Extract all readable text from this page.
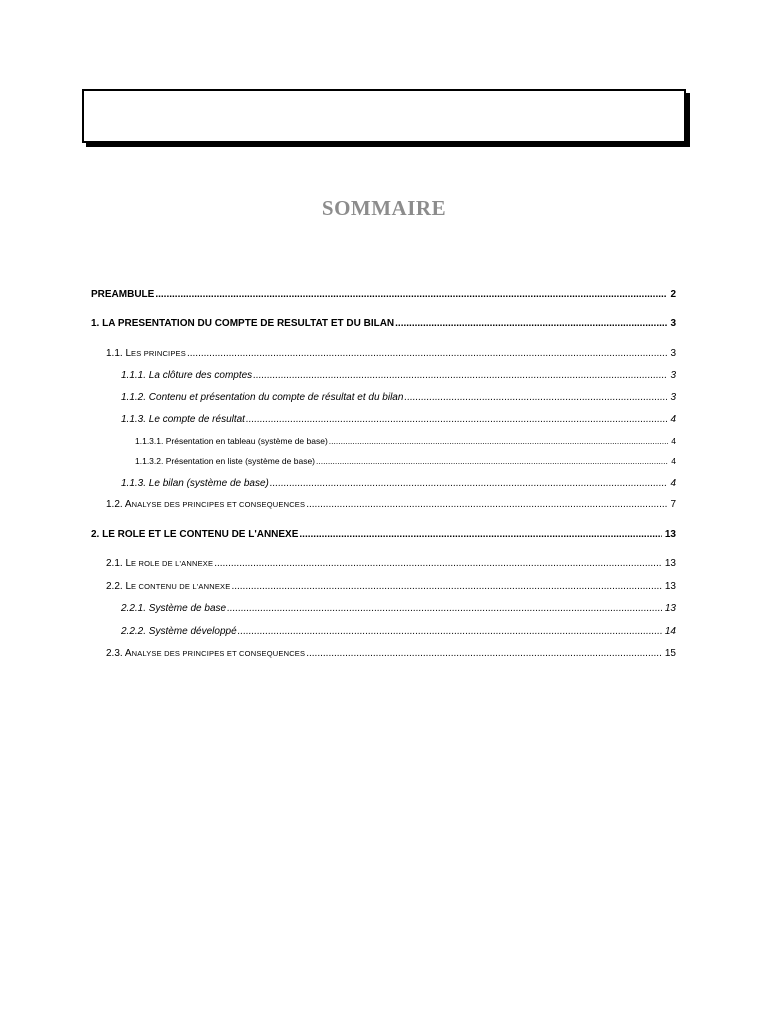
SOMMAIRE
PREAMBULE .....	2
1. LA PRESENTATION DU COMPTE DE RESULTAT ET DU BILAN .....	3
1.1. LES PRINCIPES .....	3
1.1.1. La clôture des comptes .....	3
1.1.2. Contenu et présentation du compte de résultat et du bilan .....	3
1.1.3. Le compte de résultat .....	4
1.1.3.1. Présentation en tableau (système de base) .....	4
1.1.3.2. Présentation en liste (système de base) .....	4
1.1.3. Le bilan (système de base) .....	4
1.2. ANALYSE DES PRINCIPES ET CONSEQUENCES .....	7
2. LE ROLE ET LE CONTENU DE L'ANNEXE .....	13
2.1. LE ROLE DE L'ANNEXE .....	13
2.2. LE CONTENU DE L'ANNEXE .....	13
2.2.1. Système de base .....	13
2.2.2. Système développé .....	14
2.3. ANALYSE DES PRINCIPES ET CONSEQUENCES .....	15
